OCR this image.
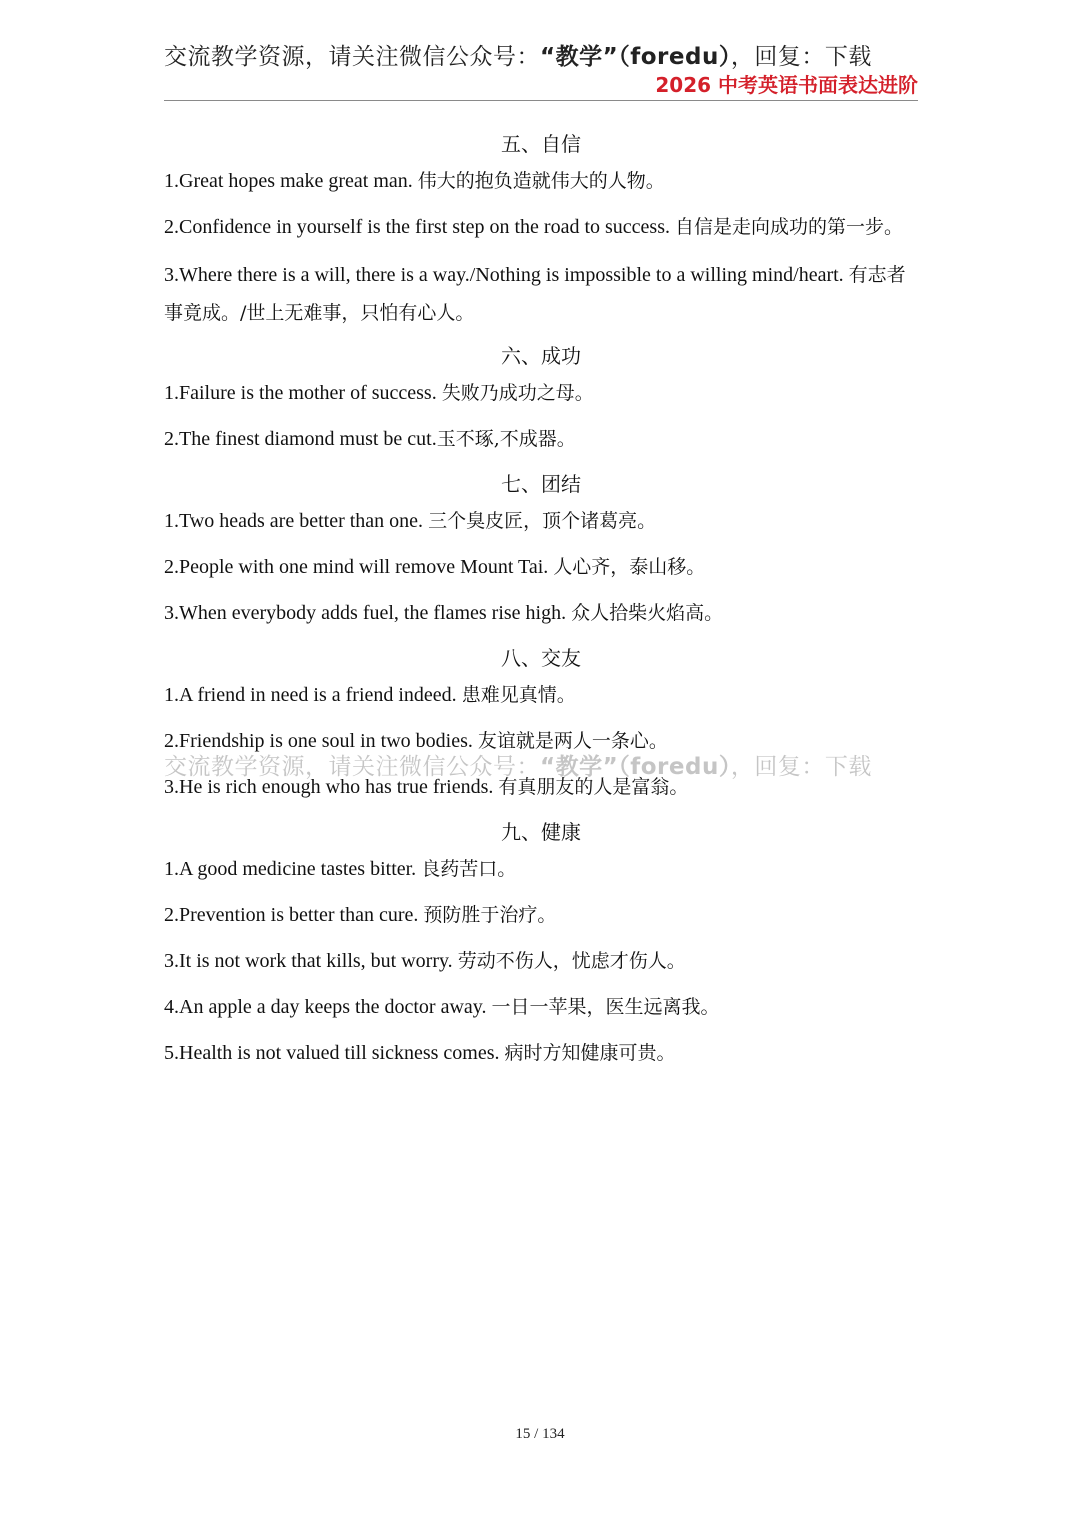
交流教学资源，请关注微信公众号：“教学”（foredu），回复：下载
2026 中考英语书面表达进阶
五、自信
1.Great hopes make great man. 伟大的抱负造就伟大的人物。
2.Confidence in yourself is the first step on the road to success. 自信是走向成功的第一步。
3.Where there is a will, there is a way./Nothing is impossible to a willing mind/heart. 有志者事竟成。/世上无难事，只怕有心人。
六、成功
1.Failure is the mother of success. 失败乃成功之母。
2.The finest diamond must be cut.玉不琢,不成器。
七、团结
1.Two heads are better than one. 三个臭皮匠，顶个诸葛亮。
2.People with one mind will remove Mount Tai. 人心齐，泰山移。
3.When everybody adds fuel, the flames rise high. 众人拾柴火焰高。
八、交友
1.A friend in need is a friend indeed. 患难见真情。
2.Friendship is one soul in two bodies. 友谊就是两人一条心。
3.He is rich enough who has true friends. 有真朋友的人是富翁。
九、健康
1.A good medicine tastes bitter. 良药苦口。
2.Prevention is better than cure. 预防胜于治疗。
3.It is not work that kills, but worry. 劳动不伤人，忧虑才伤人。
4.An apple a day keeps the doctor away. 一日一苹果，医生远离我。
5.Health is not valued till sickness comes. 病时方知健康可贵。
交流教学资源，请关注微信公众号：“教学”（foredu），回复：下载
15 / 134
